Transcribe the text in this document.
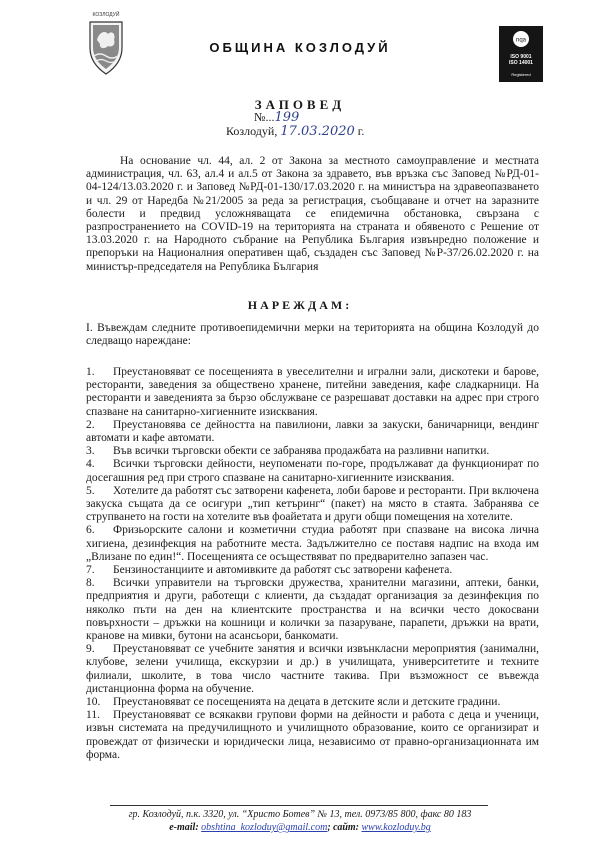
КОЗЛОДУЙ
ОБЩИНА КОЗЛОДУЙ	nqa
ISO 9001
ISO 14001
Registered
ЗАПОВЕД
№...199
Козлодуй, 17.03.2020 г.

На основание чл. 44, ал. 2 от Закона за местното самоуправление и местната администрация, чл. 63, ал.4 и ал.5 от Закона за здравето, във връзка със Заповед №РД-01-04-124/13.03.2020 г. и Заповед №РД-01-130/17.03.2020 г. на министъра на здравеопазването и чл. 29 от Наредба №21/2005 за реда за регистрация, съобщаване и отчет на заразните болести и предвид усложняващата се епидемична обстановка, свързана с разпространението на COVID-19 на територията на страната и обявеното с Решение от 13.03.2020 г. на Народното събрание на Република България извънредно положение и препоръки на Националния оперативен щаб, създаден със Заповед №Р-37/26.02.2020 г. на министър-председателя на Република България

НАРЕЖДАМ:

I. Въвеждам следните противоепидемични мерки на територията на община Козлодуй до следващо нареждане:

1. Преустановяват се посещенията в увеселителни и игрални зали, дискотеки и барове, ресторанти, заведения за обществено хранене, питейни заведения, кафе сладкарници. На ресторанти и заведенията за бързо обслужване се разрешават доставки на адрес при строго спазване на санитарно-хигиенните изисквания.
2. Преустановява се дейността на павилиони, лавки за закуски, баничарници, вендинг автомати и кафе автомати.
3. Във всички търговски обекти се забранява продажбата на разливни напитки.
4. Всички търговски дейности, неупоменати по-горе, продължават да функционират по досегашния ред при строго спазване на санитарно-хигиенните изисквания.
5. Хотелите да работят със затворени кафенета, лоби барове и ресторанти. При включена закуска същата да се осигури „тип кетъринг“ (пакет) на място в стаята. Забранява се струпването на гости на хотелите във фоайетата и други общи помещения на хотелите.
6. Фризьорските салони и козметични студиа работят при спазване на висока лична хигиена, дезинфекция на работните места. Задължително се поставя надпис на входа им „Влизане по един!“. Посещенията се осъществяват по предварително запазен час.
7. Бензиностанциите и автомивките да работят със затворени кафенета.
8. Всички управители на търговски дружества, хранителни магазини, аптеки, банки, предприятия и други, работещи с клиенти, да създадат организация за дезинфекция по няколко пъти на ден на клиентските пространства и на всички често докосвани повърхности – дръжки на кошници и колички за пазаруване, парапети, дръжки на врати, кранове на мивки, бутони на асансьори, банкомати.
9. Преустановяват се учебните занятия и всички извънкласни мероприятия (занимални, клубове, зелени училища, екскурзии и др.) в училищата, университетите и техните филиали, школите, в това число частните такива. При възможност се въвежда дистанционна форма на обучение.
10. Преустановяват се посещенията на децата в детските ясли и детските градини.
11. Преустановяват се всякакви групови форми на дейности и работа с деца и ученици, извън системата на предучилищното и училищното образование, които се организират и провеждат от физически и юридически лица, независимо от правно-организационната им форма.
гр. Козлодуй, п.к. 3320, ул. “Христо Ботев” № 13, тел. 0973/85 800, факс 80 183
e-mail: obshtina_kozloduy@gmail.com; сайт: www.kozloduy.bg
